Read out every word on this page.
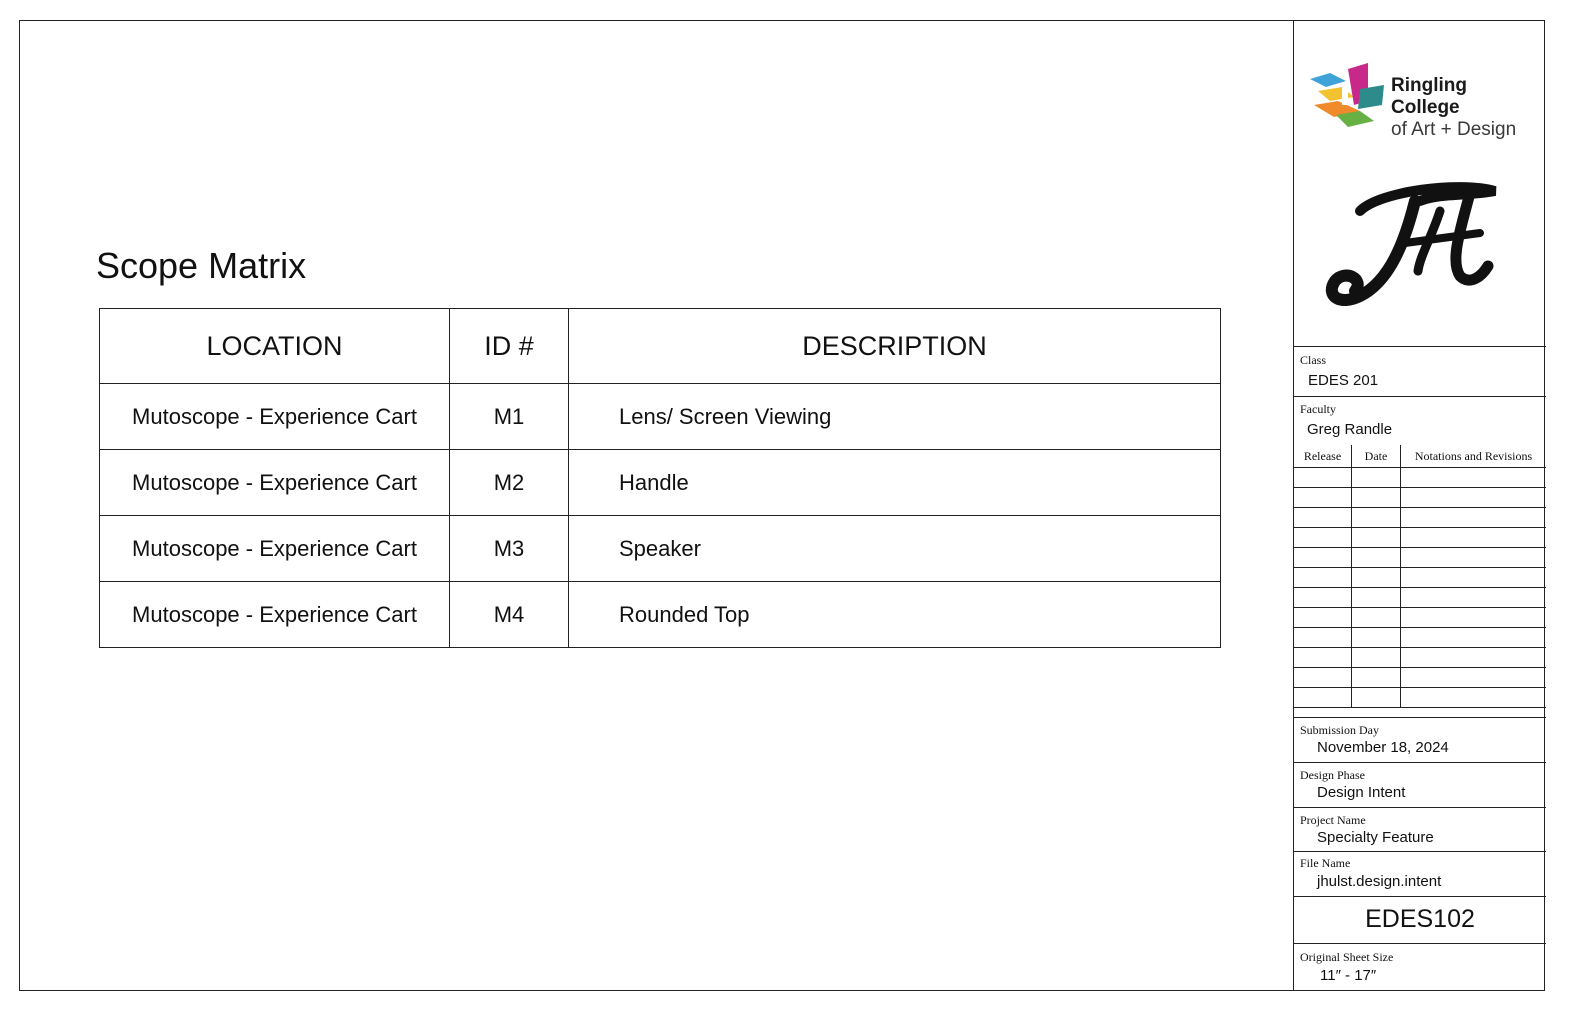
Scope Matrix
LOCATION	ID #	DESCRIPTION
Mutoscope - Experience Cart	M1	Lens/ Screen Viewing
Mutoscope - Experience Cart	M2	Handle
Mutoscope - Experience Cart	M3	Speaker
Mutoscope - Experience Cart	M4	Rounded Top
Ringling College
of Art + Design
Class
EDES 201
Faculty
Greg Randle
Release	Date	Notations and Revisions

Submission Day
November 18, 2024
Design Phase
Design Intent
Project Name
Specialty Feature
File Name
jhulst.design.intent
EDES102
Original Sheet Size
11″ - 17″
